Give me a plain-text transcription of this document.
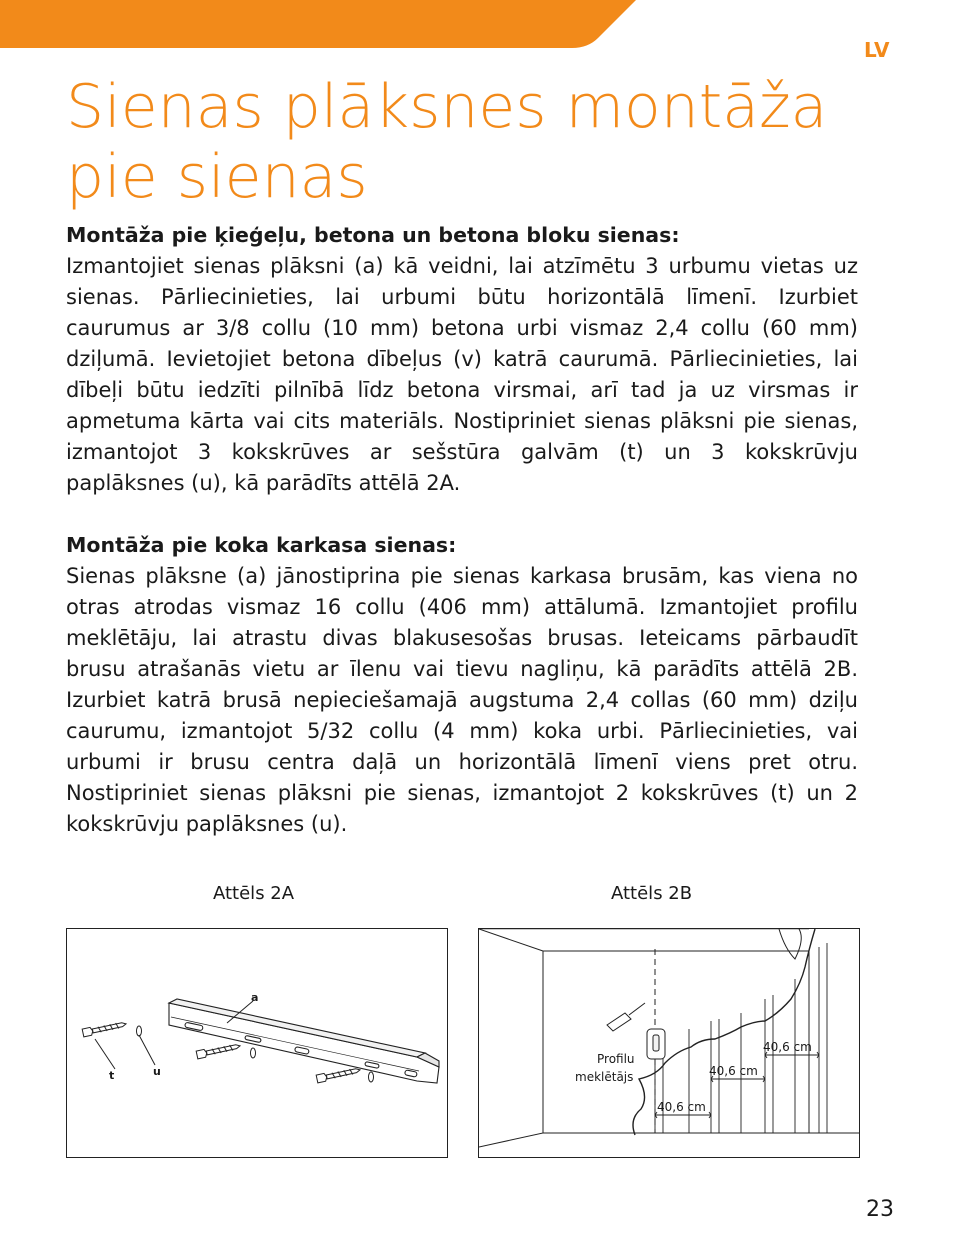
LV
Sienas plāksnes montāža pie sienas
Montāža pie ķieģeļu, betona un betona bloku sienas:

Izmantojiet sienas plāksni (a) kā veidni, lai atzīmētu 3 urbumu vietas uz sienas. Pārliecinieties, lai urbumi būtu horizontālā līmenī. Izurbiet caurumus ar 3/8 collu (10 mm) betona urbi vismaz 2,4 collu (60 mm) dziļumā. Ievietojiet betona dībeļus (v) katrā caurumā. Pārliecinieties, lai dībeļi būtu iedzīti pilnībā līdz betona virsmai, arī tad ja uz virsmas ir apmetuma kārta vai cits materiāls. Nostipriniet sienas plāksni pie sienas, izmantojot 3 kokskrūves ar sešstūra galvām (t) un 3 kokskrūvju paplāksnes (u), kā parādīts attēlā 2A.

Montāža pie koka karkasa sienas:

Sienas plāksne (a) jānostiprina pie sienas karkasa brusām, kas viena no otras atrodas vismaz 16 collu (406 mm) attālumā. Izmantojiet profilu meklētāju, lai atrastu divas blakusesošas brusas. Ieteicams pārbaudīt brusu atrašanās vietu ar īlenu vai tievu nagliņu, kā parādīts attēlā 2B. Izurbiet katrā brusā nepieciešamajā augstuma 2,4 collas (60 mm) dziļu caurumu, izmantojot 5/32 collu (4 mm) koka urbi. Pārliecinieties, vai urbumi ir brusu centra daļā un horizontālā līmenī viens pret otru. Nostipriniet sienas plāksni pie sienas, izmantojot 2 kokskrūves (t) un 2 kokskrūvju paplāksnes (u).

Attēls 2A	Attēls 2B
a
t	u
Profilu
meklētājs
40,6 cm
40,6 cm
40,6 cm
23
